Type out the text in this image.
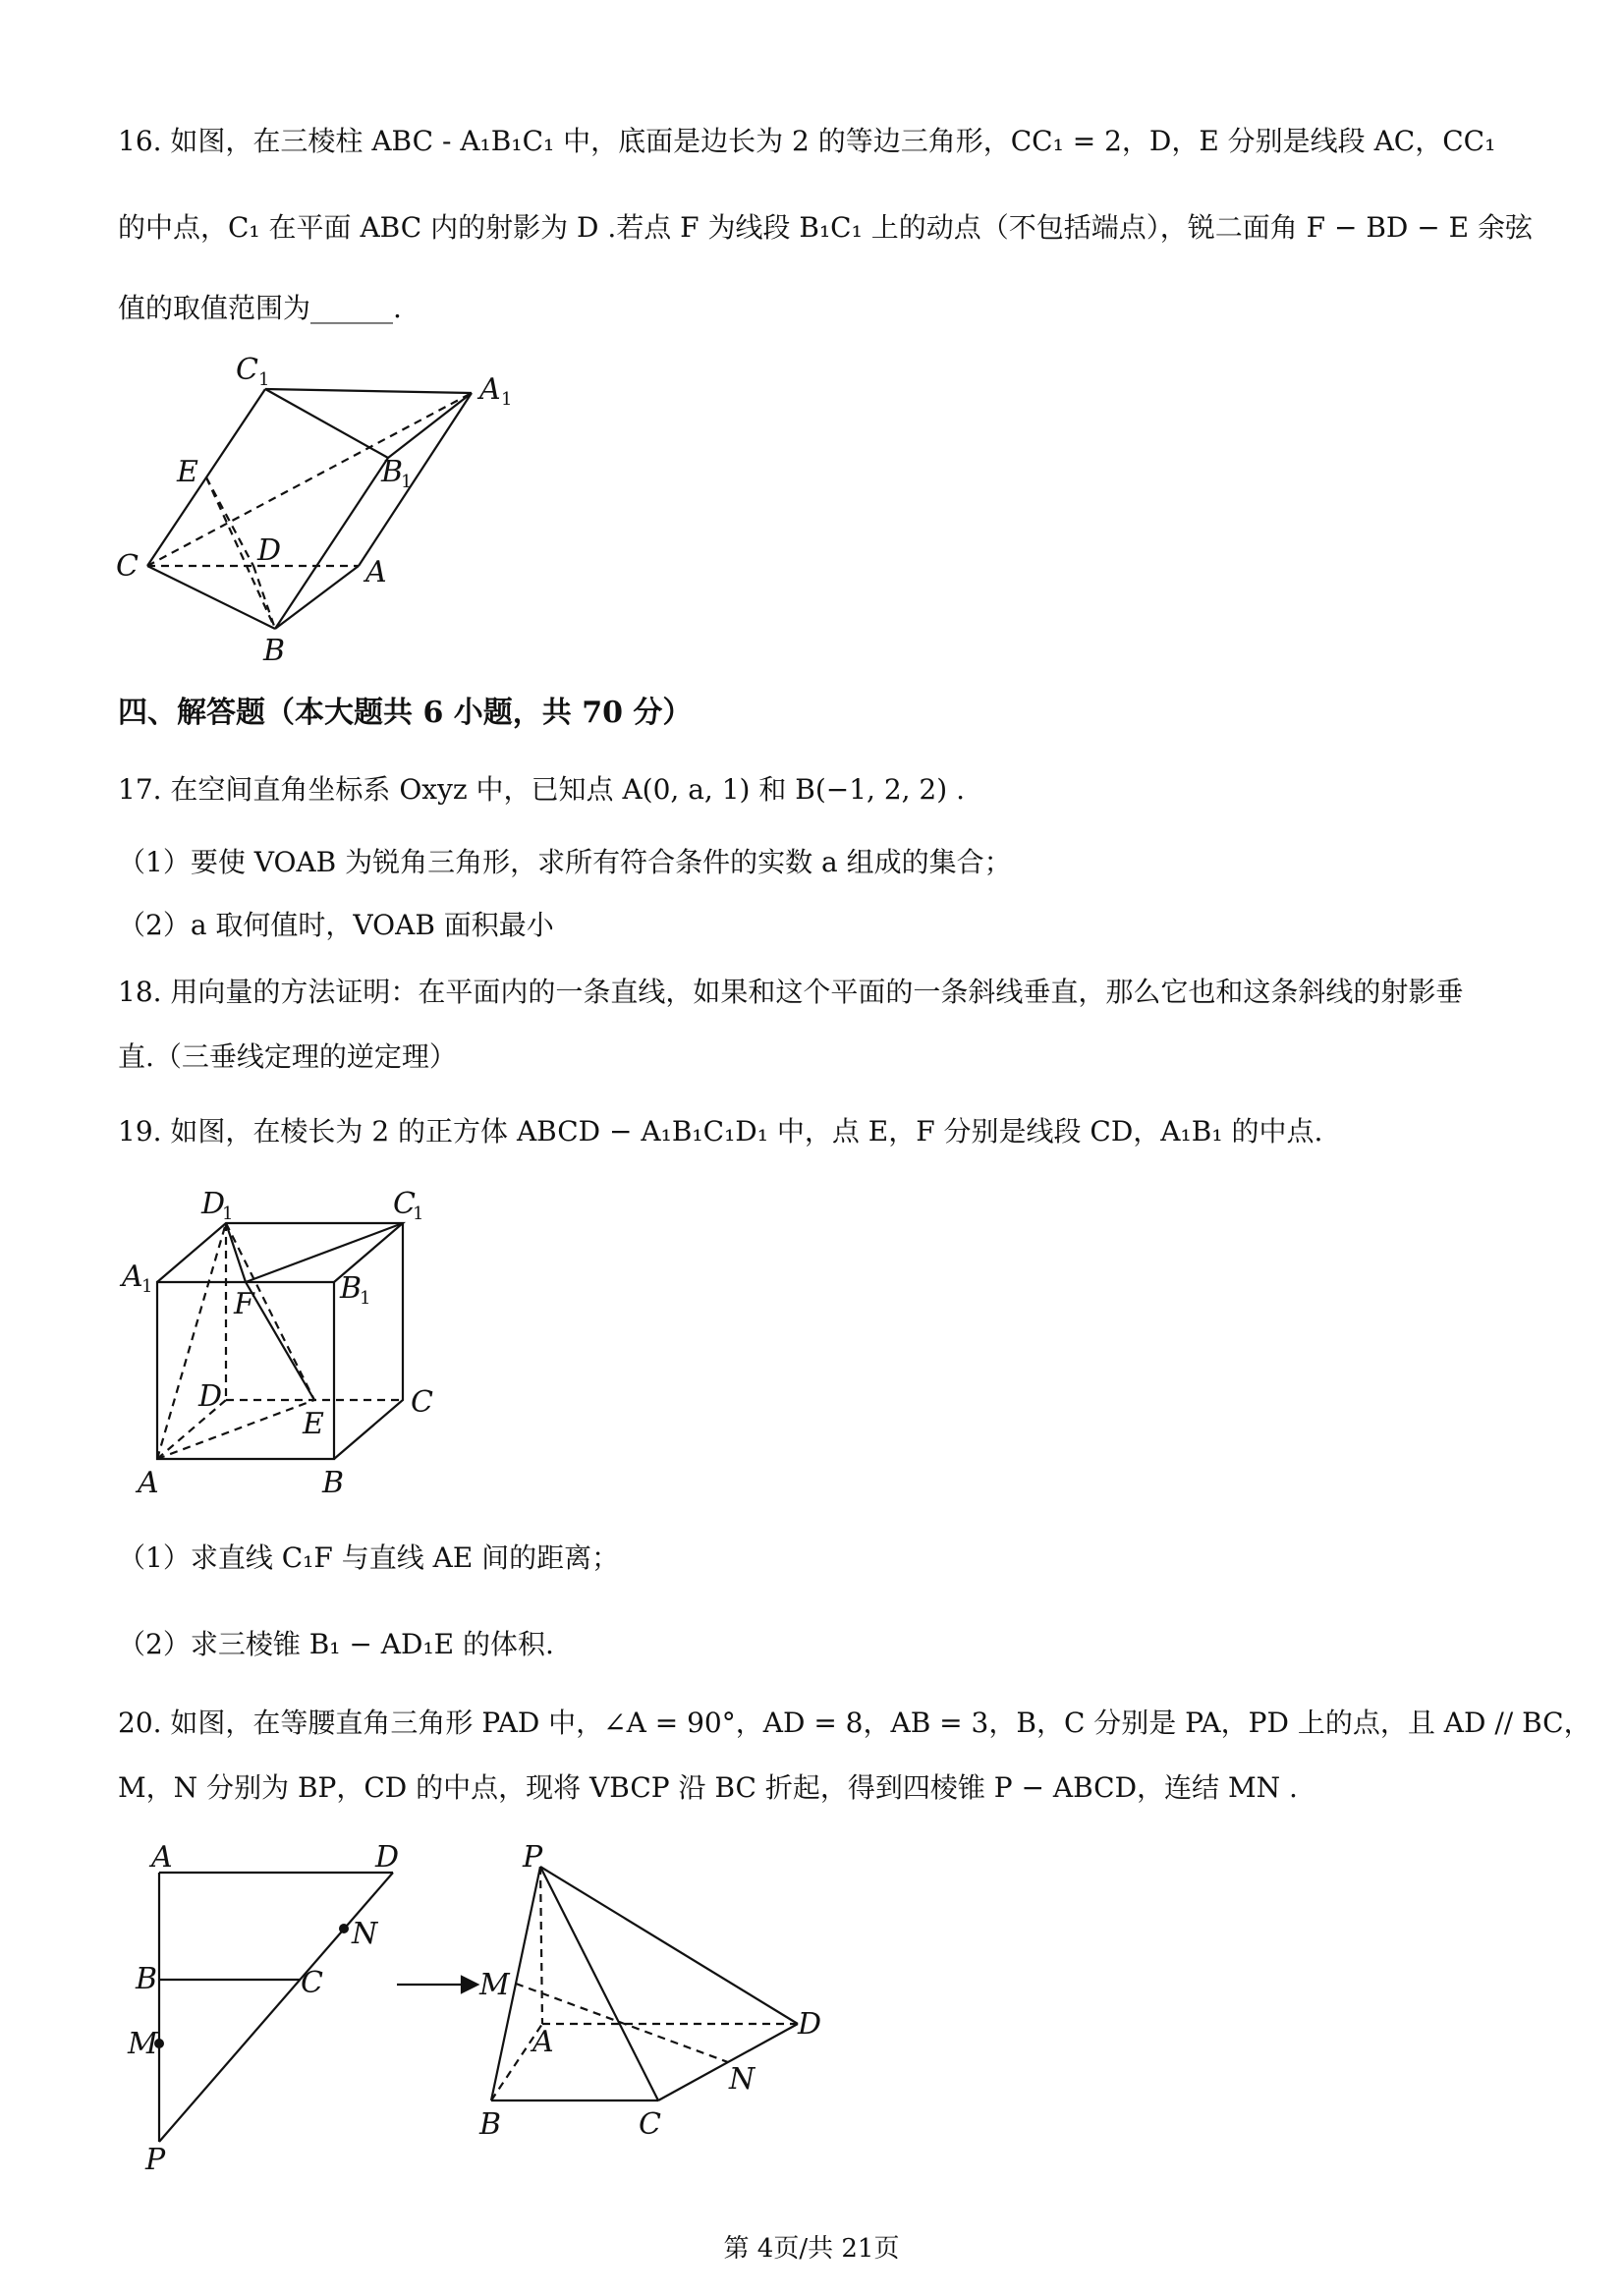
16. 如图，在三棱柱 ABC - A₁B₁C₁ 中，底面是边长为 2 的等边三角形，CC₁ = 2，D，E 分别是线段 AC，CC₁
的中点，C₁ 在平面 ABC 内的射影为 D .若点 F 为线段 B₁C₁ 上的动点（不包括端点），锐二面角 F − BD − E 余弦
值的取值范围为______.
C 1	A 1
B
1
E
C	D
A
B
四、解答题（本大题共 6 小题，共 70 分）
17. 在空间直角坐标系 Oxyz 中，已知点 A(0, a, 1) 和 B(−1, 2, 2) .
（1）要使 VOAB 为锐角三角形，求所有符合条件的实数 a 组成的集合；
（2）a 取何值时，VOAB 面积最小
18. 用向量的方法证明：在平面内的一条直线，如果和这个平面的一条斜线垂直，那么它也和这条斜线的射影垂
直.（三垂线定理的逆定理）
19. 如图，在棱长为 2 的正方体 ABCD − A₁B₁C₁D₁ 中，点 E，F 分别是线段 CD，A₁B₁ 的中点.
D
1	C
1
A
1	B
1
F
D
E
C
A	B
（1）求直线 C₁F 与直线 AE 间的距离；
（2）求三棱锥 B₁ − AD₁E 的体积.
20. 如图，在等腰直角三角形 PAD 中，∠A = 90°，AD = 8，AB = 3，B，C 分别是 PA，PD 上的点，且 AD // BC，
M，N 分别为 BP，CD 的中点，现将 VBCP 沿 BC 折起，得到四棱锥 P − ABCD，连结 MN .
A	D
N
B	C
M
P
P
M
A
D
N
B	C
第 4页/共 21页
